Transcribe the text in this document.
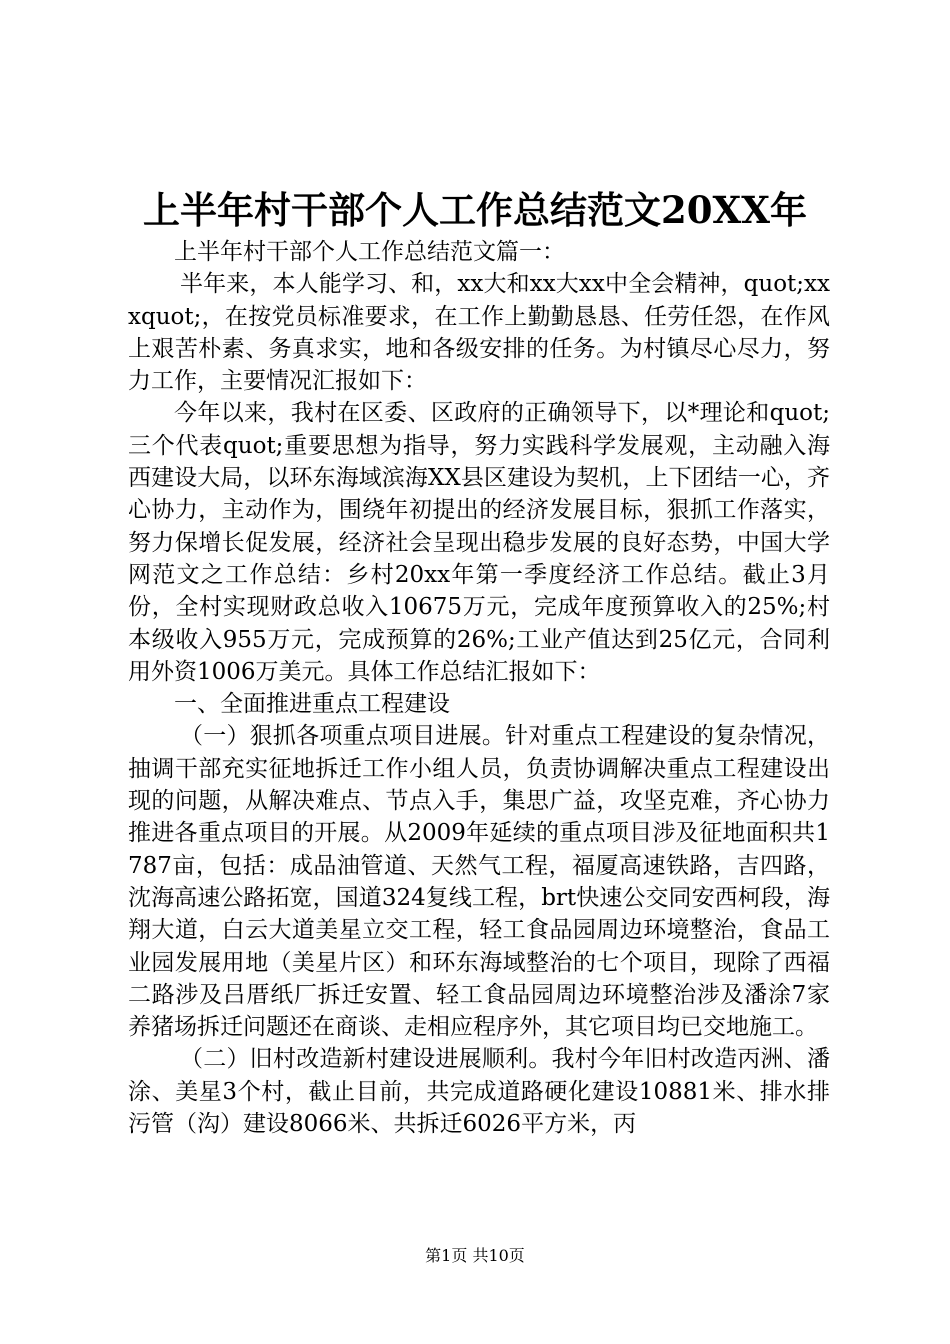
上半年村干部个人工作总结范文20XX年

上半年村干部个人工作总结范文篇一：

半年来，本人能学习、和，xx大和xx大xx中全会精神，quot;xxxquot;，在按党员标准要求，在工作上勤勤恳恳、任劳任怨，在作风上艰苦朴素、务真求实，地和各级安排的任务。为村镇尽心尽力，努力工作，主要情况汇报如下：

今年以来，我村在区委、区政府的正确领导下，以*理论和quot;三个代表quot;重要思想为指导，努力实践科学发展观，主动融入海西建设大局，以环东海域滨海XX县区建设为契机，上下团结一心，齐心协力，主动作为，围绕年初提出的经济发展目标，狠抓工作落实，努力保增长促发展，经济社会呈现出稳步发展的良好态势，中国大学网范文之工作总结：乡村20xx年第一季度经济工作总结。截止3月份，全村实现财政总收入10675万元，完成年度预算收入的25%;村本级收入955万元，完成预算的26%;工业产值达到25亿元，合同利用外资1006万美元。具体工作总结汇报如下：

一、全面推进重点工程建设

（一）狠抓各项重点项目进展。针对重点工程建设的复杂情况，抽调干部充实征地拆迁工作小组人员，负责协调解决重点工程建设出现的问题，从解决难点、节点入手，集思广益，攻坚克难，齐心协力推进各重点项目的开展。从2009年延续的重点项目涉及征地面积共1787亩，包括：成品油管道、天然气工程，福厦高速铁路，吉四路，沈海高速公路拓宽，国道324复线工程，brt快速公交同安西柯段，海翔大道，白云大道美星立交工程，轻工食品园周边环境整治，食品工业园发展用地（美星片区）和环东海域整治的七个项目，现除了西福二路涉及吕厝纸厂拆迁安置、轻工食品园周边环境整治涉及潘涂7家养猪场拆迁问题还在商谈、走相应程序外，其它项目均已交地施工。

（二）旧村改造新村建设进展顺利。我村今年旧村改造丙洲、潘涂、美星3个村，截止目前，共完成道路硬化建设10881米、排水排污管（沟）建设8066米、共拆迁6026平方米，丙

第1页 共10页
